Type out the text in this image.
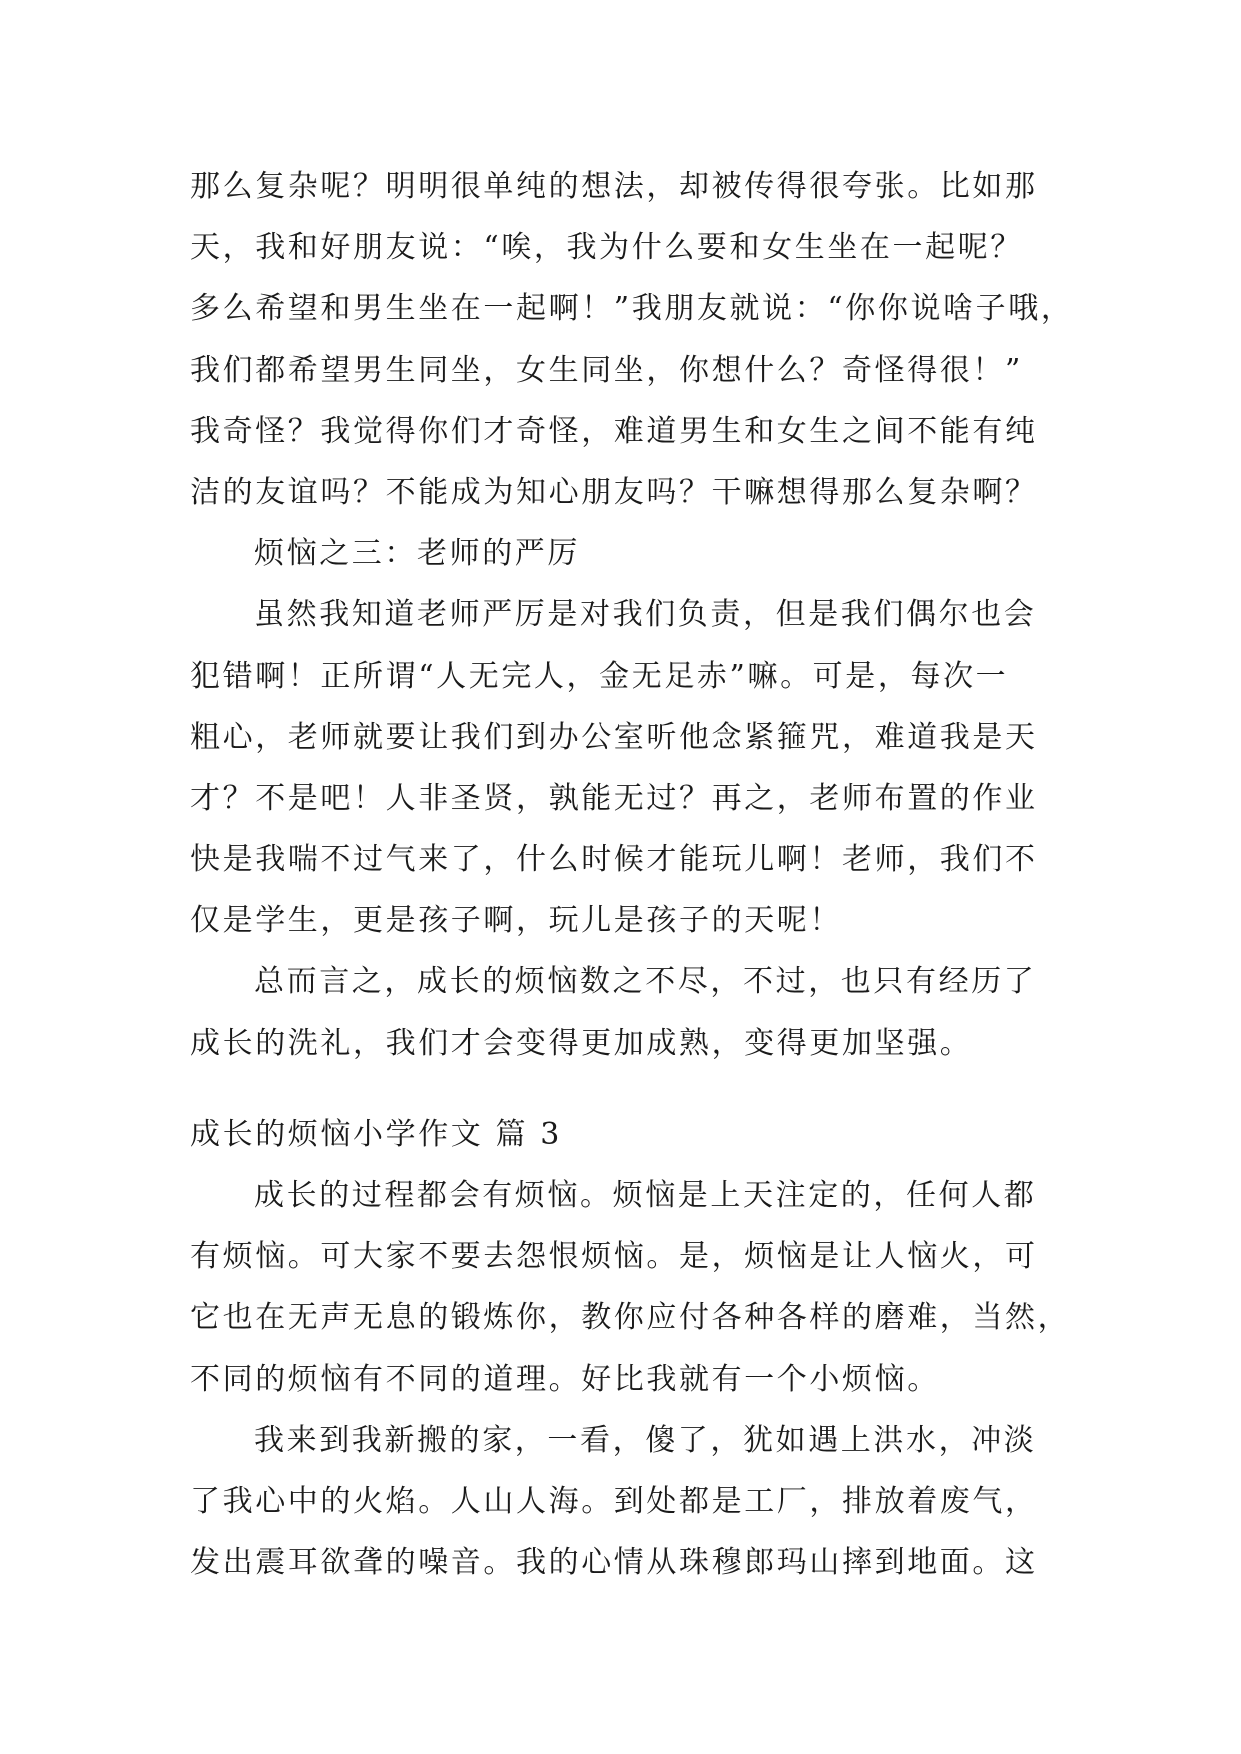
那么复杂呢？明明很单纯的想法，却被传得很夸张。比如那
天，我和好朋友说：“唉，我为什么要和女生坐在一起呢？
多么希望和男生坐在一起啊！”我朋友就说：“你你说啥子哦，
我们都希望男生同坐，女生同坐，你想什么？奇怪得很！”
我奇怪？我觉得你们才奇怪，难道男生和女生之间不能有纯
洁的友谊吗？不能成为知心朋友吗？干嘛想得那么复杂啊？
烦恼之三：老师的严厉
虽然我知道老师严厉是对我们负责，但是我们偶尔也会
犯错啊！正所谓“人无完人，金无足赤”嘛。可是，每次一
粗心，老师就要让我们到办公室听他念紧箍咒，难道我是天
才？不是吧！人非圣贤，孰能无过？再之，老师布置的作业
快是我喘不过气来了，什么时候才能玩儿啊！老师，我们不
仅是学生，更是孩子啊，玩儿是孩子的天呢！
总而言之，成长的烦恼数之不尽，不过，也只有经历了
成长的洗礼，我们才会变得更加成熟，变得更加坚强。
成长的烦恼小学作文 篇 3
成长的过程都会有烦恼。烦恼是上天注定的，任何人都
有烦恼。可大家不要去怨恨烦恼。是，烦恼是让人恼火，可
它也在无声无息的锻炼你，教你应付各种各样的磨难，当然，
不同的烦恼有不同的道理。好比我就有一个小烦恼。
我来到我新搬的家，一看，傻了，犹如遇上洪水，冲淡
了我心中的火焰。人山人海。到处都是工厂，排放着废气，
发出震耳欲聋的噪音。我的心情从珠穆郎玛山摔到地面。这
